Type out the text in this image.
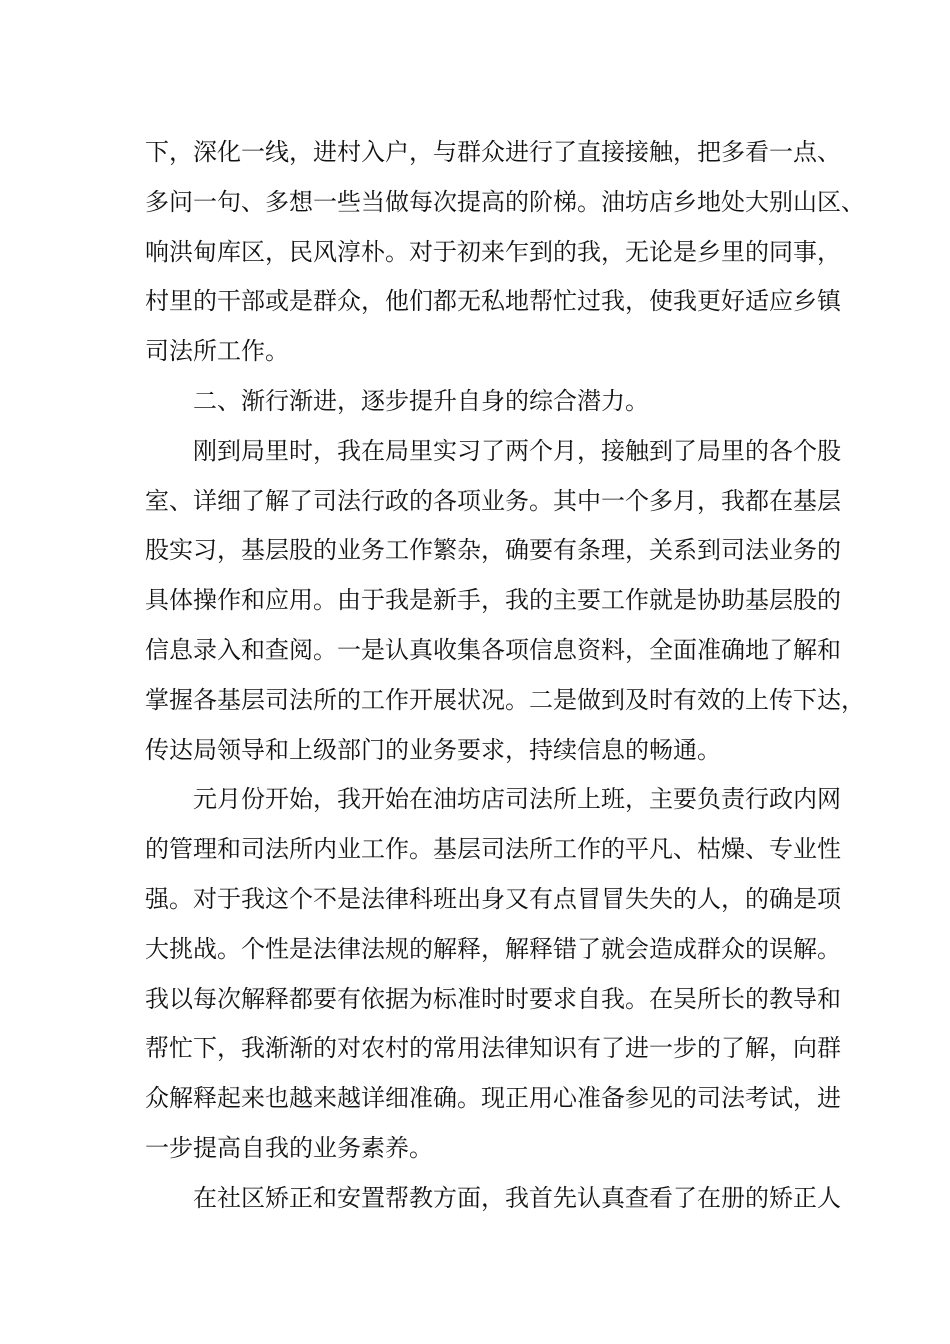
下，深化一线，进村入户，与群众进行了直接接触，把多看一点、
多问一句、多想一些当做每次提高的阶梯。油坊店乡地处大别山区、
响洪甸库区，民风淳朴。对于初来乍到的我，无论是乡里的同事，
村里的干部或是群众，他们都无私地帮忙过我，使我更好适应乡镇
司法所工作。
二、渐行渐进，逐步提升自身的综合潜力。
刚到局里时，我在局里实习了两个月，接触到了局里的各个股
室、详细了解了司法行政的各项业务。其中一个多月，我都在基层
股实习，基层股的业务工作繁杂，确要有条理，关系到司法业务的
具体操作和应用。由于我是新手，我的主要工作就是协助基层股的
信息录入和查阅。一是认真收集各项信息资料，全面准确地了解和
掌握各基层司法所的工作开展状况。二是做到及时有效的上传下达，
传达局领导和上级部门的业务要求，持续信息的畅通。
元月份开始，我开始在油坊店司法所上班，主要负责行政内网
的管理和司法所内业工作。基层司法所工作的平凡、枯燥、专业性
强。对于我这个不是法律科班出身又有点冒冒失失的人，的确是项
大挑战。个性是法律法规的解释，解释错了就会造成群众的误解。
我以每次解释都要有依据为标准时时要求自我。在吴所长的教导和
帮忙下，我渐渐的对农村的常用法律知识有了进一步的了解，向群
众解释起来也越来越详细准确。现正用心准备参见的司法考试，进
一步提高自我的业务素养。
在社区矫正和安置帮教方面，我首先认真查看了在册的矫正人
